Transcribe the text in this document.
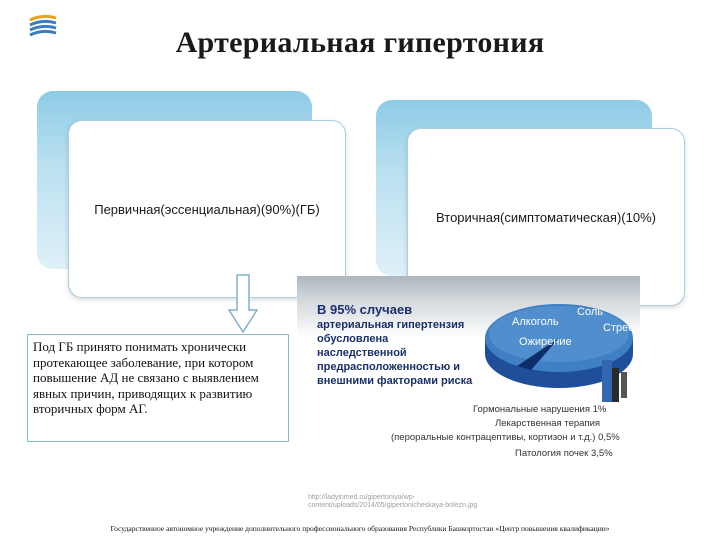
Артериальная гипертония
Первичная(эссенциальная)(90%)(ГБ)
Вторичная(симптоматическая)(10%)
Под ГБ принято понимать хронически протекающее заболевание, при котором повышение АД не связано с выявлением явных причин, приводящих к развитию вторичных форм АГ.
В 95% случаев
артериальная гипертензия обусловлена наследственной предрасположенностью и внешними факторами риска
Алкоголь
Соль
Стресс
Ожирение
Гормональные нарушения 1%
Лекарственная терапия
(пероральные контрацептивы, кортизон и т.д.) 0,5%
Патология почек 3,5%
http://ladyinmed.ru/gipertoniya/wp-content/uploads/2014/05/gipertonicheskaya-bolezn.jpg
Государственное автономное учреждение дополнительного профессионального образования Республики Башкортостан «Центр повышения квалификации»
